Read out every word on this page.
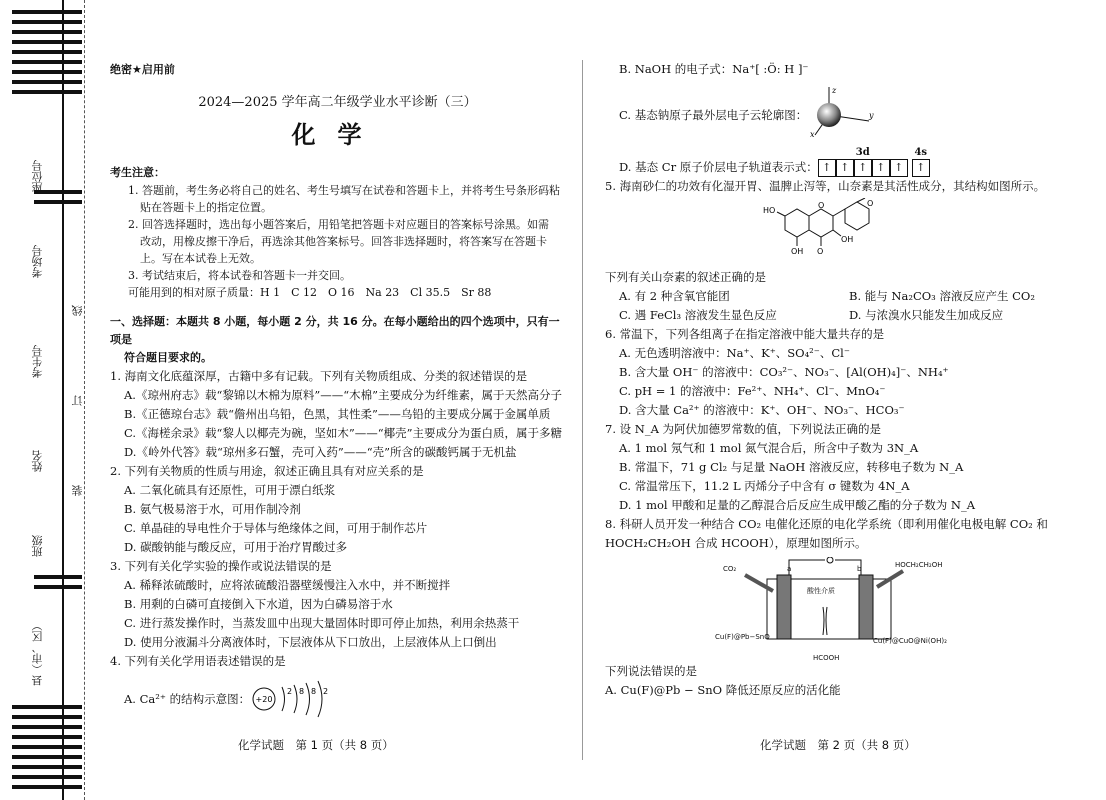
座位号
考场号
考生号
姓名
班级
县（市、区）
线
订
装
绝密★启用前
2024—2025 学年高二年级学业水平诊断（三）
化学
考生注意：
1. 答题前，考生务必将自己的姓名、考生号填写在试卷和答题卡上，并将考生号条形码粘
贴在答题卡上的指定位置。
2. 回答选择题时，选出每小题答案后，用铅笔把答题卡对应题目的答案标号涂黑。如需
改动，用橡皮擦干净后，再选涂其他答案标号。回答非选择题时，将答案写在答题卡
上。写在本试卷上无效。
3. 考试结束后，将本试卷和答题卡一并交回。
可能用到的相对原子质量：H 1　C 12　O 16　Na 23　Cl 35.5　Sr 88
一、选择题：本题共 8 小题，每小题 2 分，共 16 分。在每小题给出的四个选项中，只有一项是
符合题目要求的。
1. 海南文化底蕴深厚，古籍中多有记载。下列有关物质组成、分类的叙述错误的是
A.《琼州府志》载“黎锦以木棉为原料”——“木棉”主要成分为纤维素，属于天然高分子
B.《正德琼台志》载“儋州出乌铅，色黑，其性柔”——乌铅的主要成分属于金属单质
C.《海槎余录》载“黎人以椰壳为碗，坚如木”——“椰壳”主要成分为蛋白质，属于多糖
D.《岭外代答》载“琼州多石蟹，壳可入药”——“壳”所含的碳酸钙属于无机盐
2. 下列有关物质的性质与用途，叙述正确且具有对应关系的是
A. 二氧化硫具有还原性，可用于漂白纸浆
B. 氨气极易溶于水，可用作制冷剂
C. 单晶硅的导电性介于导体与绝缘体之间，可用于制作芯片
D. 碳酸钠能与酸反应，可用于治疗胃酸过多
3. 下列有关化学实验的操作或说法错误的是
A. 稀释浓硫酸时，应将浓硫酸沿器壁缓慢注入水中，并不断搅拌
B. 用剩的白磷可直接倒入下水道，因为白磷易溶于水
C. 进行蒸发操作时，当蒸发皿中出现大量固体时即可停止加热，利用余热蒸干
D. 使用分液漏斗分离液体时，下层液体从下口放出，上层液体从上口倒出
4. 下列有关化学用语表述错误的是
A. Ca²⁺ 的结构示意图： +20
2 8 8 2
B. NaOH 的电子式：Na⁺[ :Ö: H ]⁻
C. 基态钠原子最外层电子云轮廓图：
z
y
x
D. 基态 Cr 原子价层电子轨道表示式：
3d
↑ ↑ ↑ ↑ ↑
4s
↑
5. 海南砂仁的功效有化湿开胃、温脾止泻等，山奈素是其活性成分，其结构如图所示。
HO
OH
OH
O
O	O
下列有关山奈素的叙述正确的是
A. 有 2 种含氧官能团	B. 能与 Na₂CO₃ 溶液反应产生 CO₂
C. 遇 FeCl₃ 溶液发生显色反应	D. 与浓溴水只能发生加成反应
6. 常温下，下列各组离子在指定溶液中能大量共存的是
A. 无色透明溶液中：Na⁺、K⁺、SO₄²⁻、Cl⁻
B. 含大量 OH⁻ 的溶液中：CO₃²⁻、NO₃⁻、[Al(OH)₄]⁻、NH₄⁺
C. pH = 1 的溶液中：Fe²⁺、NH₄⁺、Cl⁻、MnO₄⁻
D. 含大量 Ca²⁺ 的溶液中：K⁺、OH⁻、NO₃⁻、HCO₃⁻
7. 设 N_A 为阿伏加德罗常数的值，下列说法正确的是
A. 1 mol 氖气和 1 mol 氮气混合后，所含中子数为 3N_A
B. 常温下，71 g Cl₂ 与足量 NaOH 溶液反应，转移电子数为 N_A
C. 常温常压下，11.2 L 丙烯分子中含有 σ 键数为 4N_A
D. 1 mol 甲酸和足量的乙醇混合后反应生成甲酸乙酯的分子数为 N_A
8. 科研人员开发一种结合 CO₂ 电催化还原的电化学系统（即利用催化电极电解 CO₂ 和
HOCH₂CH₂OH 合成 HCOOH），原理如图所示。
CO₂	HOCH₂CH₂OH
a	b
酸性介质
Cu(F)@Pb−SnO	Cu(F)@CuO@Ni(OH)₂
HCOOH
下列说法错误的是
A. Cu(F)@Pb − SnO 降低还原反应的活化能
化学试题　第 1 页（共 8 页）	化学试题　第 2 页（共 8 页）
